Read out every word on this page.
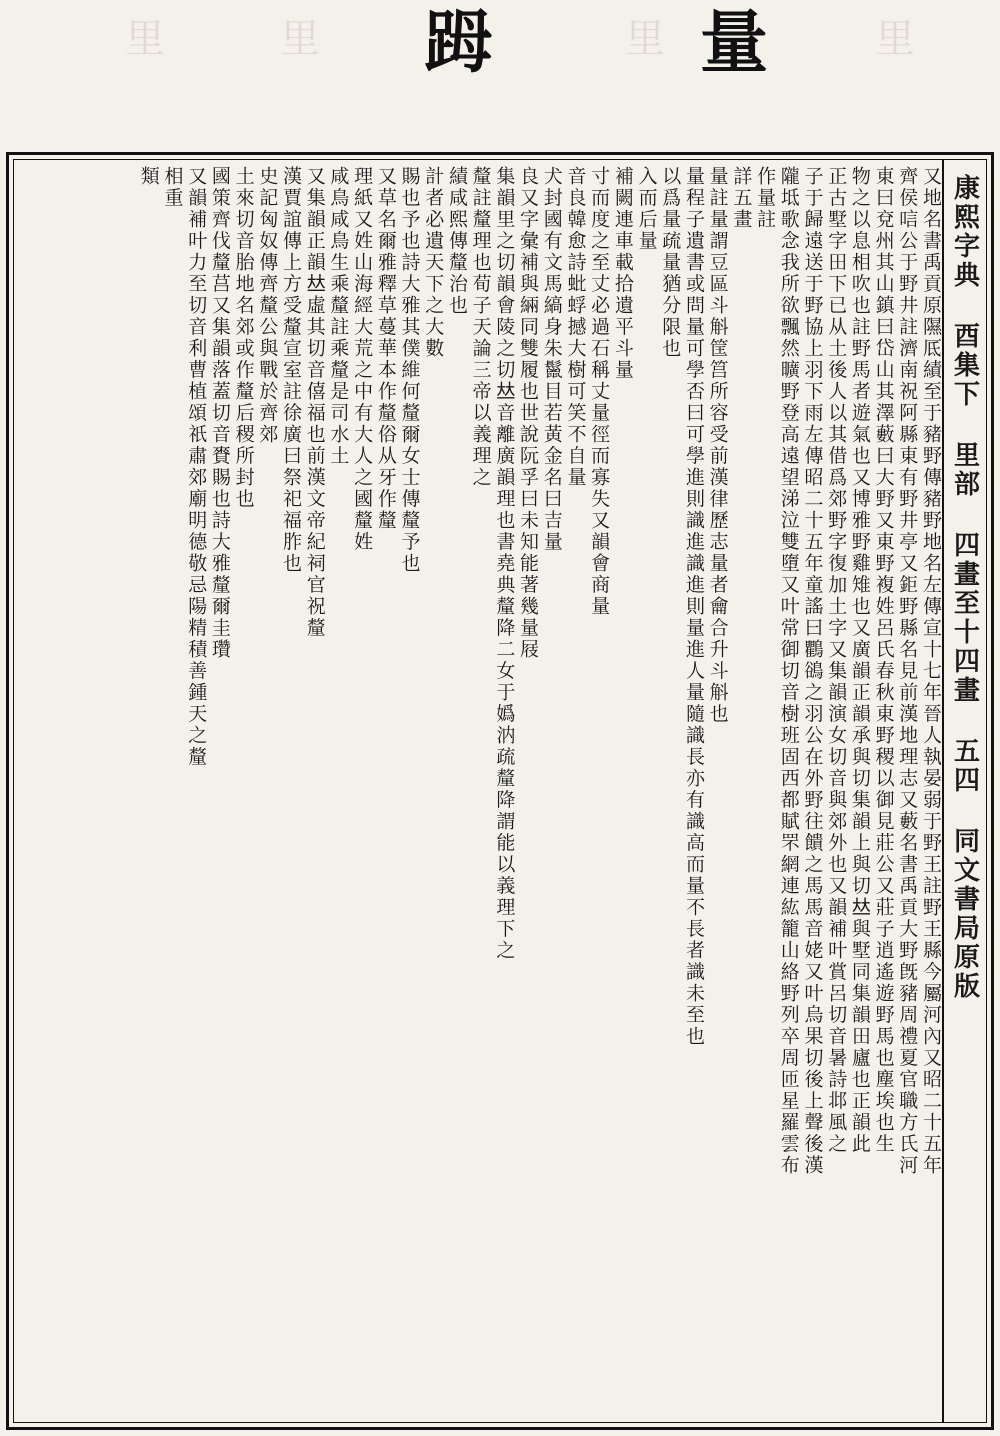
⾥	⾥	⾥	⾥
𧿹	量
康熙字典 酉集下 里部 四畫至十四畫 五四 同文書局原版

又地名書禹貢原隰厎績至于豬野傳豬野地名左傳宣十七年晉人執晏弱于野王註野王縣今屬河內又昭二十五年

齊侯唁公于野井註濟南祝阿縣東有野井亭又鉅野縣名見前漢地理志又藪名書禹貢大野旣豬周禮夏官職方氏河

東曰兗州其山鎮曰岱山其澤藪曰大野又東野複姓呂氏春秋東野稷以御見莊公又莊子逍遙遊野馬也塵埃也生

物之以息相吹也註野馬者遊氣也又博雅野雞雉也又廣韻正韻承與切集韻上與切𠀤與墅同集韻田廬也正韻此

正古墅字田下已从土後人以其借爲郊野字復加土字又集韻演女切音與郊外也又韻補叶賞呂切音暑詩邶風之

子于歸遠送于野協上羽下雨左傳昭二十五年童謠曰鸜鵒之羽公在外野往饋之馬馬音姥又叶烏果切後上聲後漢

隴坻歌念我所欲飄然曠野登高遠望涕泣雙墮又叶常御切音樹班固西都賦罘網連紘籠山絡野列卒周匝星羅雲布

作量註

詳五畫

量註量謂豆區斗斛筐筥所容受前漢律歷志量者龠合升斗斛也

量程子遺書或問量可學否曰可學進則識進識進則量進人量隨識長亦有識高而量不長者識未至也

以爲量疏量猶分限也

入而后量

補闕連車載拾遺平斗量

寸而度之至丈必過石稱丈量徑而寡失又韻會商量

音良韓愈詩蚍蜉撼大樹可笑不自量

犬封國有文馬縞身朱鬣目若黃金名曰吉量

良又字彙補與緉同雙履也世說阮孚曰未知能著幾量屐

集韻里之切韻會陵之切𠀤音離廣韻理也書堯典釐降二女于嬀汭疏釐降謂能以義理下之

釐註釐理也荀子天論三帝以義理之

績咸熙傳釐治也

計者必遺天下之大數

賜也予也詩大雅其僕維何釐爾女士傳釐予也

又草名爾雅釋草蔓華本作釐俗从牙作釐

理紙又姓山海經大荒之中有大人之國釐姓

咸鳥咸鳥生乘釐註乘釐是司水土

又集韻正韻𠀤虛其切音僖福也前漢文帝紀祠官祝釐

漢賈誼傳上方受釐宣室註徐廣曰祭祀福胙也

史記匈奴傳齊釐公與戰於齊郊

土來切音胎地名郊或作釐后稷所封也

國策齊伐釐莒又集韻落蓋切音賚賜也詩大雅釐爾圭瓚

又韻補叶力至切音利曹植頌祇肅郊廟明德敬忌陽精積善鍾天之釐

相重

類
